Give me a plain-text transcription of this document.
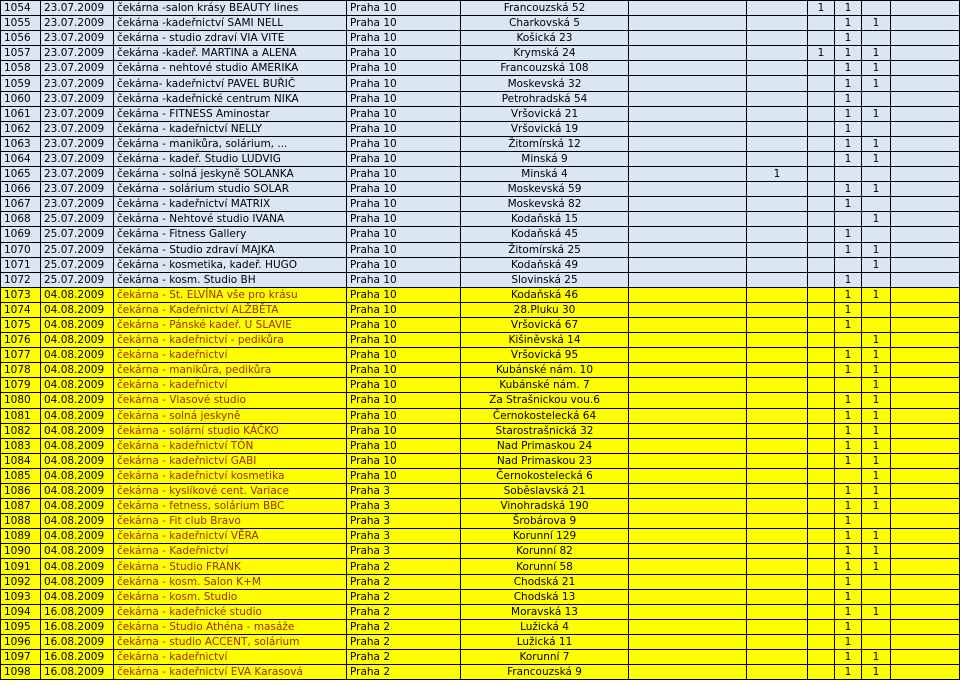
1054	23.07.2009	čekárna -salon krásy BEAUTY lines	Praha 10	Francouzská 52			1	1		
1055	23.07.2009	čekárna -kadeřnictví SAMI NELL	Praha 10	Charkovská 5				1	1	
1056	23.07.2009	čekárna - studio zdraví VIA VITE	Praha 10	Košická 23				1		
1057	23.07.2009	čekárna -kadeř. MARTINA a ALENA	Praha 10	Krymská 24			1	1	1	
1058	23.07.2009	čekárna - nehtové studio AMERIKA	Praha 10	Francouzská 108				1	1	
1059	23.07.2009	čekárna- kadeřnictví PAVEL BUŘIČ	Praha 10	Moskevská 32				1	1	
1060	23.07.2009	čekárna -kadeřnické centrum NIKA	Praha 10	Petrohradská 54				1		
1061	23.07.2009	čekárna - FITNESS Aminostar	Praha 10	Vršovická 21				1	1	
1062	23.07.2009	čekárna - kadeřnictví NELLY	Praha 10	Vršovická 19				1		
1063	23.07.2009	čekárna - manikůra, solárium, ...	Praha 10	Žitomírská 12				1	1	
1064	23.07.2009	čekárna - kadeř. Studio LUDVIG	Praha 10	Minská 9				1	1	
1065	23.07.2009	čekárna - solná jeskyně SOLANKA	Praha 10	Minská 4		1				
1066	23.07.2009	čekárna - solárium studio SOLAR	Praha 10	Moskevská 59				1	1	
1067	23.07.2009	čekárna - kadeřnictví MATRIX	Praha 10	Moskevská 82				1		
1068	25.07.2009	čekárna - Nehtové studio IVANA	Praha 10	Kodaňská 15					1	
1069	25.07.2009	čekárna - Fitness Gallery	Praha 10	Kodaňská 45				1		
1070	25.07.2009	čekárna - Studio zdraví MAJKA	Praha 10	Žitomírská 25				1	1	
1071	25.07.2009	čekárna - kosmetika, kadeř. HUGO	Praha 10	Kodaňská 49					1	
1072	25.07.2009	čekárna - kosm. Studio BH	Praha 10	Slovinská 25				1		
1073	04.08.2009	čekárna - St. ELVÍNA vše pro krásu	Praha 10	Kodaňská 46				1	1	
1074	04.08.2009	čekárna - Kadeřnictví ALŽBĚTA	Praha 10	28.Pluku 30				1		
1075	04.08.2009	čekárna - Pánské kadeř. U SLAVIE	Praha 10	Vršovická 67				1		
1076	04.08.2009	čekárna - kadeřnictví - pedikůra	Praha 10	Kišiněvská 14					1	
1077	04.08.2009	čekárna - kadeřnictví	Praha 10	Vršovická 95				1	1	
1078	04.08.2009	čekárna - manikůra, pedikůra	Praha 10	Kubánské nám. 10				1	1	
1079	04.08.2009	čekárna - kadeřnictví	Praha 10	Kubánské nám. 7					1	
1080	04.08.2009	čekárna - Vlasové studio	Praha 10	Za Strašnickou vou.6				1	1	
1081	04.08.2009	čekárna - solná jeskyně	Praha 10	Černokostelecká 64				1	1	
1082	04.08.2009	čekárna - solární studio KÁČKO	Praha 10	Starostrašnická 32				1	1	
1083	04.08.2009	čekárna - kadeřnictví TÓN	Praha 10	Nad Primaskou 24				1	1	
1084	04.08.2009	čekárna - kadeřnictví GABI	Praha 10	Nad Primaskou 23				1	1	
1085	04.08.2009	čekárna - kadeřnictví kosmetika	Praha 10	Černokostelecká 6					1	
1086	04.08.2009	čekárna - kyslíkové cent. Variace	Praha 3	Soběslavská 21				1	1	
1087	04.08.2009	čekárna - fetness, solárium BBC	Praha 3	Vinohradská 190				1	1	
1088	04.08.2009	čekárna - Fit club Bravo	Praha 3	Šrobárova 9				1		
1089	04.08.2009	čekárna - kadeřnictví VĚRA	Praha 3	Korunní 129				1	1	
1090	04.08.2009	čekárna - Kadeřnictví	Praha 3	Korunní 82				1	1	
1091	04.08.2009	čekárna - Studio FRANK	Praha 2	Korunní 58				1	1	
1092	04.08.2009	čekárna - kosm. Salon K+M	Praha 2	Chodská 21				1		
1093	04.08.2009	čekárna - kosm. Studio	Praha 2	Chodská 13				1		
1094	16.08.2009	čekárna - kadeřnické studio	Praha 2	Moravská 13				1	1	
1095	16.08.2009	čekárna - Studio Athéna - masáže	Praha 2	Lužická 4				1		
1096	16.08.2009	čekárna - studio ACCENT, solárium	Praha 2	Lužická 11				1		
1097	16.08.2009	čekárna - kadeřnictví	Praha 2	Korunní 7				1	1	
1098	16.08.2009	čekárna - kadeřnictví EVA Karasová	Praha 2	Francouzská 9				1	1	
